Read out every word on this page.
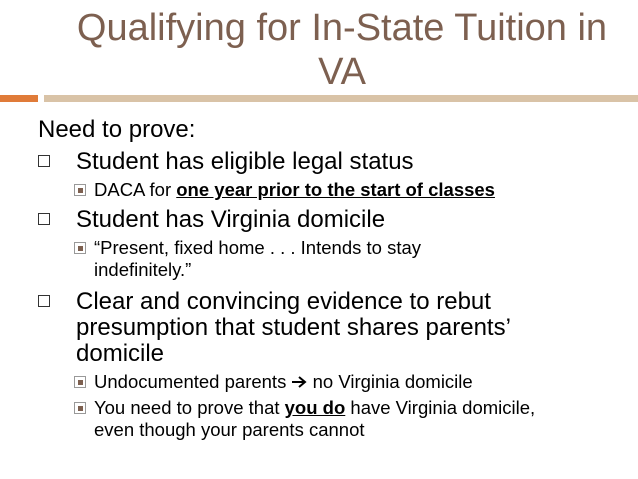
Qualifying for In-State Tuition in
VA

Need to prove:

Student has eligible legal status
DACA for one year prior to the start of classes
Student has Virginia domicile
“Present, fixed home . . . Intends to stay indefinitely.”
Clear and convincing evidence to rebut presumption that student shares parents’ domicile
Undocumented parents  no Virginia domicile
You need to prove that you do have Virginia domicile, even though your parents cannot
